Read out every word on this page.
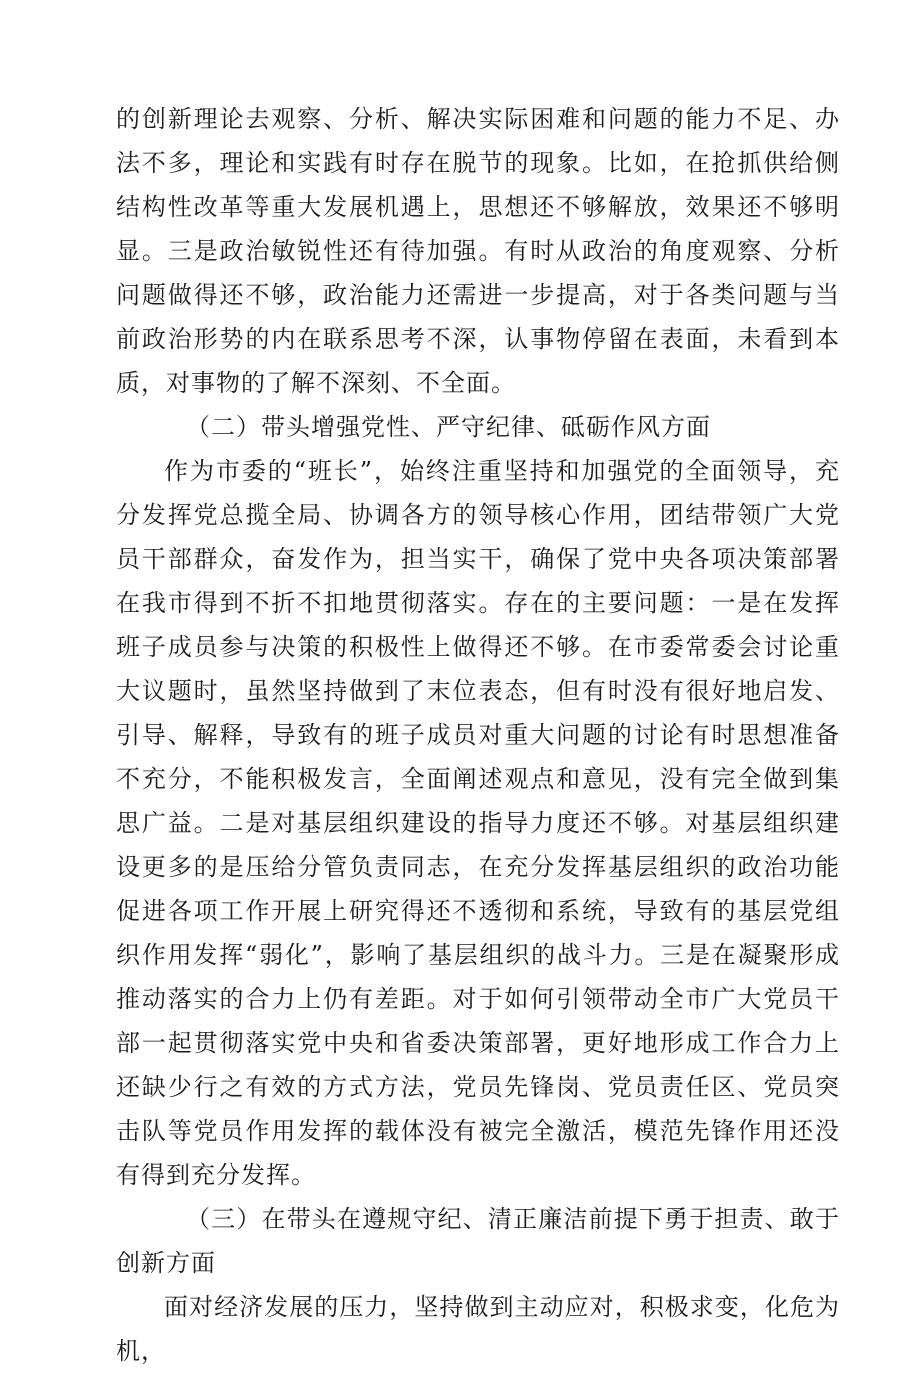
的创新理论去观察、分析、解决实际困难和问题的能力不足、办法不多，理论和实践有时存在脱节的现象。比如，在抢抓供给侧结构性改革等重大发展机遇上，思想还不够解放，效果还不够明显。三是政治敏锐性还有待加强。有时从政治的角度观察、分析问题做得还不够，政治能力还需进一步提高，对于各类问题与当前政治形势的内在联系思考不深，认事物停留在表面，未看到本质，对事物的了解不深刻、不全面。

（二）带头增强党性、严守纪律、砥砺作风方面

作为市委的“班长”，始终注重坚持和加强党的全面领导，充分发挥党总揽全局、协调各方的领导核心作用，团结带领广大党员干部群众，奋发作为，担当实干，确保了党中央各项决策部署在我市得到不折不扣地贯彻落实。存在的主要问题：一是在发挥班子成员参与决策的积极性上做得还不够。在市委常委会讨论重大议题时，虽然坚持做到了末位表态，但有时没有很好地启发、引导、解释，导致有的班子成员对重大问题的讨论有时思想准备不充分，不能积极发言，全面阐述观点和意见，没有完全做到集思广益。二是对基层组织建设的指导力度还不够。对基层组织建设更多的是压给分管负责同志，在充分发挥基层组织的政治功能促进各项工作开展上研究得还不透彻和系统，导致有的基层党组织作用发挥“弱化”，影响了基层组织的战斗力。三是在凝聚形成推动落实的合力上仍有差距。对于如何引领带动全市广大党员干部一起贯彻落实党中央和省委决策部署，更好地形成工作合力上还缺少行之有效的方式方法，党员先锋岗、党员责任区、党员突击队等党员作用发挥的载体没有被完全激活，模范先锋作用还没有得到充分发挥。

（三）在带头在遵规守纪、清正廉洁前提下勇于担责、敢于创新方面

面对经济发展的压力，坚持做到主动应对，积极求变，化危为机，
